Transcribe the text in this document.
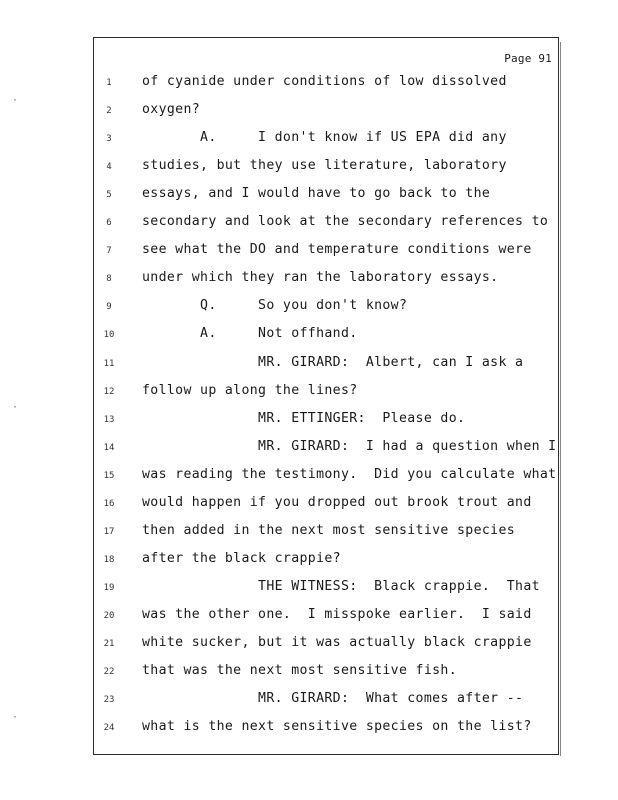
Page 91
1	of cyanide under conditions of low dissolved
2	oxygen?
3	A.     I don't know if US EPA did any
4	studies, but they use literature, laboratory
5	essays, and I would have to go back to the
6	secondary and look at the secondary references to
7	see what the DO and temperature conditions were
8	under which they ran the laboratory essays.
9	Q.     So you don't know?
10	A.     Not offhand.
11	MR. GIRARD:  Albert, can I ask a
12	follow up along the lines?
13	MR. ETTINGER:  Please do.
14	MR. GIRARD:  I had a question when I
15	was reading the testimony.  Did you calculate what
16	would happen if you dropped out brook trout and
17	then added in the next most sensitive species
18	after the black crappie?
19	THE WITNESS:  Black crappie.  That
20	was the other one.  I misspoke earlier.  I said
21	white sucker, but it was actually black crappie
22	that was the next most sensitive fish.
23	MR. GIRARD:  What comes after --
24	what is the next sensitive species on the list?
·
·
·
